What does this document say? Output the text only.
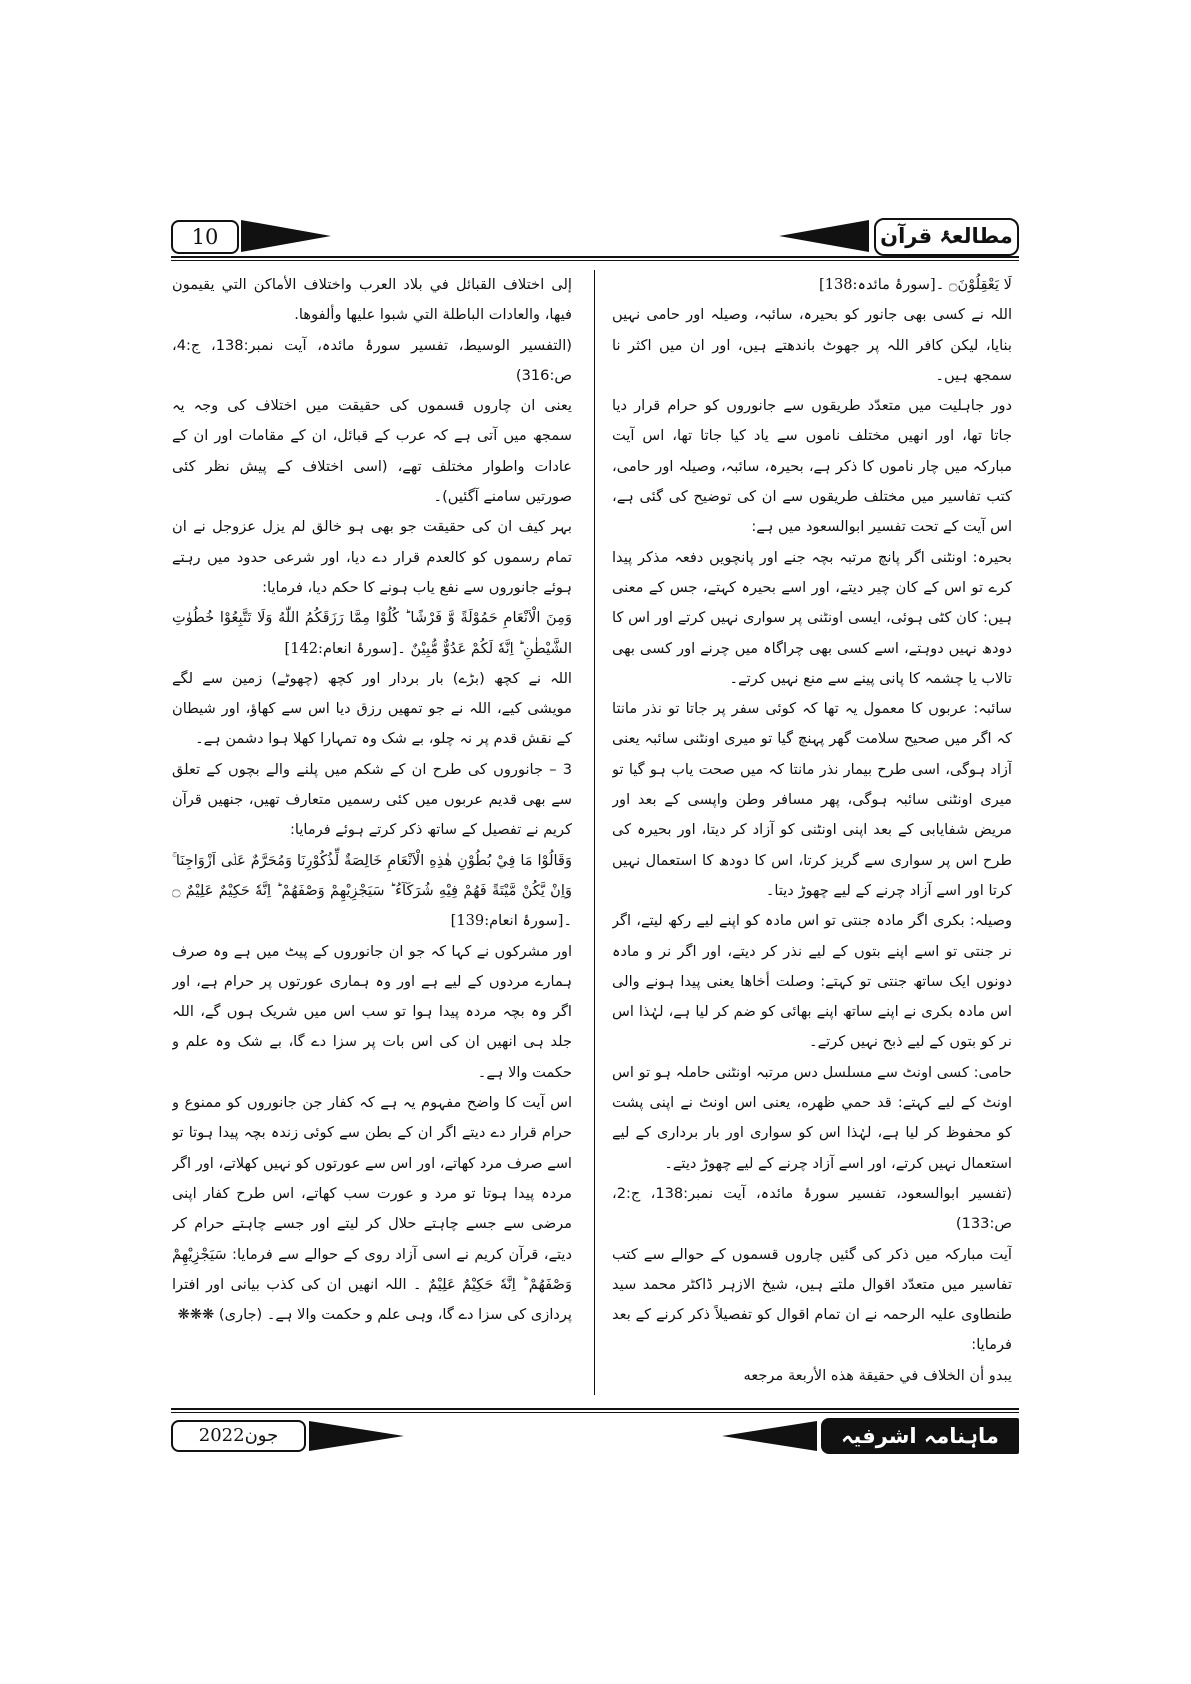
10	مطالعۂ قرآن

لَا يَعْقِلُوْنَ۝ ۔[سورۂ مائدہ:138]

اللہ نے کسی بھی جانور کو بحیرہ، سائبہ، وصیلہ اور حامی نہیں بنایا، لیکن کافر اللہ پر جھوٹ باندھتے ہیں، اور ان میں اکثر نا سمجھ ہیں۔

دور جاہلیت میں متعدّد طریقوں سے جانوروں کو حرام قرار دیا جاتا تھا، اور انھیں مختلف ناموں سے یاد کیا جاتا تھا، اس آیت مبارکہ میں چار ناموں کا ذکر ہے، بحیرہ، سائبہ، وصیلہ اور حامی، کتب تفاسیر میں مختلف طریقوں سے ان کی توضیح کی گئی ہے، اس آیت کے تحت تفسیر ابوالسعود میں ہے:

بحیرہ: اونٹنی اگر پانچ مرتبہ بچہ جنے اور پانچویں دفعہ مذکر پیدا کرے تو اس کے کان چیر دیتے، اور اسے بحیرہ کہتے، جس کے معنی ہیں: کان کٹی ہوئی، ایسی اونٹنی پر سواری نہیں کرتے اور اس کا دودھ نہیں دوہتے، اسے کسی بھی چراگاہ میں چرنے اور کسی بھی تالاب یا چشمہ کا پانی پینے سے منع نہیں کرتے۔

سائبہ: عربوں کا معمول یہ تھا کہ کوئی سفر پر جاتا تو نذر مانتا کہ اگر میں صحیح سلامت گھر پہنچ گیا تو میری اونٹنی سائبہ یعنی آزاد ہوگی، اسی طرح بیمار نذر مانتا کہ میں صحت یاب ہو گیا تو میری اونٹنی سائبہ ہوگی، پھر مسافر وطن واپسی کے بعد اور مریض شفایابی کے بعد اپنی اونٹنی کو آزاد کر دیتا، اور بحیرہ کی طرح اس پر سواری سے گریز کرتا، اس کا دودھ کا استعمال نہیں کرتا اور اسے آزاد چرنے کے لیے چھوڑ دیتا۔

وصیلہ: بکری اگر مادہ جنتی تو اس مادہ کو اپنے لیے رکھ لیتے، اگر نر جنتی تو اسے اپنے بتوں کے لیے نذر کر دیتے، اور اگر نر و مادہ دونوں ایک ساتھ جنتی تو کہتے: وصلت أخاها یعنی پیدا ہونے والی اس مادہ بکری نے اپنے ساتھ اپنے بھائی کو ضم کر لیا ہے، لہٰذا اس نر کو بتوں کے لیے ذبح نہیں کرتے۔

حامی: کسی اونٹ سے مسلسل دس مرتبہ اونٹنی حاملہ ہو تو اس اونٹ کے لیے کہتے: قد حمي ظهره، یعنی اس اونٹ نے اپنی پشت کو محفوظ کر لیا ہے، لہٰذا اس کو سواری اور بار برداری کے لیے استعمال نہیں کرتے، اور اسے آزاد چرنے کے لیے چھوڑ دیتے۔

(تفسیر ابوالسعود، تفسیر سورۂ مائدہ، آیت نمبر:138، ج:2، ص:133)

آیت مبارکہ میں ذکر کی گئیں چاروں قسموں کے حوالے سے کتب تفاسیر میں متعدّد اقوال ملتے ہیں، شیخ الازہر ڈاکٹر محمد سید طنطاوی علیہ الرحمہ نے ان تمام اقوال کو تفصیلاً ذکر کرنے کے بعد فرمایا:

يبدو أن الخلاف في حقيقة هذه الأربعة مرجعه

إلى اختلاف القبائل في بلاد العرب واختلاف الأماكن التي يقيمون فيها، والعادات الباطلة التي شبوا عليها وألفوها.

(التفسیر الوسیط، تفسیر سورۂ مائدہ، آیت نمبر:138، ج:4، ص:316)

یعنی ان چاروں قسموں کی حقیقت میں اختلاف کی وجہ یہ سمجھ میں آتی ہے کہ عرب کے قبائل، ان کے مقامات اور ان کے عادات واطوار مختلف تھے، (اسی اختلاف کے پیش نظر کئی صورتیں سامنے آگئیں)۔

بہر کیف ان کی حقیقت جو بھی ہو خالق لم یزل عزوجل نے ان تمام رسموں کو کالعدم قرار دے دیا، اور شرعی حدود میں رہتے ہوئے جانوروں سے نفع یاب ہونے کا حکم دیا، فرمایا:

وَمِنَ الْاَنْعَامِ حَمُوْلَةً وَّ فَرْشًا ؕ كُلُوْا مِمَّا رَزَقَكُمُ اللّٰهُ وَلَا تَتَّبِعُوْا خُطُوٰتِ الشَّيْطٰنِ ؕ اِنَّهٗ لَكُمْ عَدُوٌّ مُّبِيْنٌ ۔[سورۂ انعام:142]

اللہ نے کچھ (بڑے) بار بردار اور کچھ (چھوٹے) زمین سے لگے مویشی کیے، اللہ نے جو تمھیں رزق دیا اس سے کھاؤ، اور شیطان کے نقش قدم پر نہ چلو، بے شک وہ تمہارا کھلا ہوا دشمن ہے۔

3 – جانوروں کی طرح ان کے شکم میں پلنے والے بچوں کے تعلق سے بھی قدیم عربوں میں کئی رسمیں متعارف تھیں، جنھیں قرآن کریم نے تفصیل کے ساتھ ذکر کرتے ہوئے فرمایا:

وَقَالُوْا مَا فِيْ بُطُوْنِ هٰذِهِ الْاَنْعَامِ خَالِصَةٌ لِّذُكُوْرِنَا وَمُحَرَّمٌ عَلٰۤى اَزْوَاجِنَا ۚ وَاِنْ يَّكُنْ مَّيْتَةً فَهُمْ فِيْهِ شُرَكَآءُ ؕ سَيَجْزِيْهِمْ وَصْفَهُمْ ؕ اِنَّهٗ حَكِيْمٌ عَلِيْمٌ ۝ ۔[سورۂ انعام:139]

اور مشرکوں نے کہا کہ جو ان جانوروں کے پیٹ میں ہے وہ صرف ہمارے مردوں کے لیے ہے اور وہ ہماری عورتوں پر حرام ہے، اور اگر وہ بچہ مردہ پیدا ہوا تو سب اس میں شریک ہوں گے، اللہ جلد ہی انھیں ان کی اس بات پر سزا دے گا، بے شک وہ علم و حکمت والا ہے۔

اس آیت کا واضح مفہوم یہ ہے کہ کفار جن جانوروں کو ممنوع و حرام قرار دے دیتے اگر ان کے بطن سے کوئی زندہ بچہ پیدا ہوتا تو اسے صرف مرد کھاتے، اور اس سے عورتوں کو نہیں کھلاتے، اور اگر مردہ پیدا ہوتا تو مرد و عورت سب کھاتے، اس طرح کفار اپنی مرضی سے جسے چاہتے حلال کر لیتے اور جسے چاہتے حرام کر دیتے، قرآن کریم نے اسی آزاد روی کے حوالے سے فرمایا: سَيَجْزِيْهِمْ وَصْفَهُمْ ؕ اِنَّهٗ حَكِيْمٌ عَلِيْمٌ ۔ اللہ انھیں ان کی کذب بیانی اور افترا پردازی کی سزا دے گا، وہی علم و حکمت والا ہے۔ (جاری) ❋❋❋

جون2022	ماہنامہ اشرفیہ
